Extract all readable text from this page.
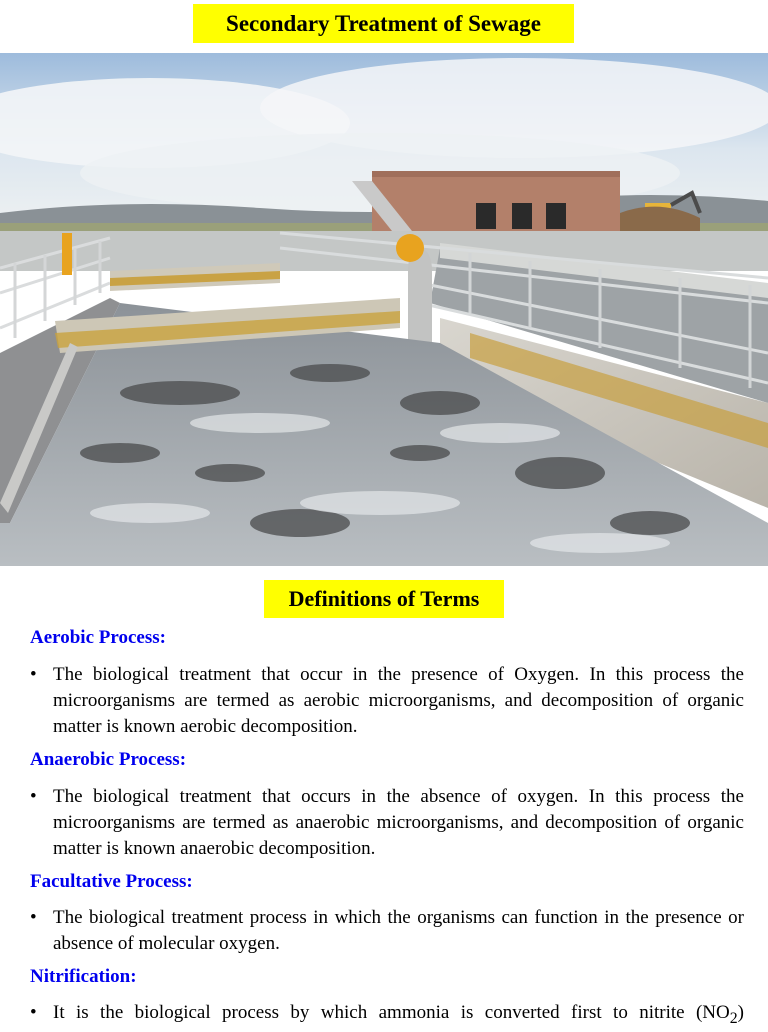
Secondary Treatment of Sewage
Definitions of Terms
Aerobic Process:
• The biological treatment that occur in the presence of Oxygen. In this process the microorganisms are termed as aerobic microorganisms, and decomposition of organic matter is known aerobic decomposition.
Anaerobic Process:
• The biological treatment that occurs in the absence of oxygen. In this process the microorganisms are termed as anaerobic microorganisms, and decomposition of organic matter is known anaerobic decomposition.
Facultative Process:
• The biological treatment process in which the organisms can function in the presence or absence of molecular oxygen.
Nitrification:
• It is the biological process by which ammonia is converted first to nitrite $(NO_2)$
